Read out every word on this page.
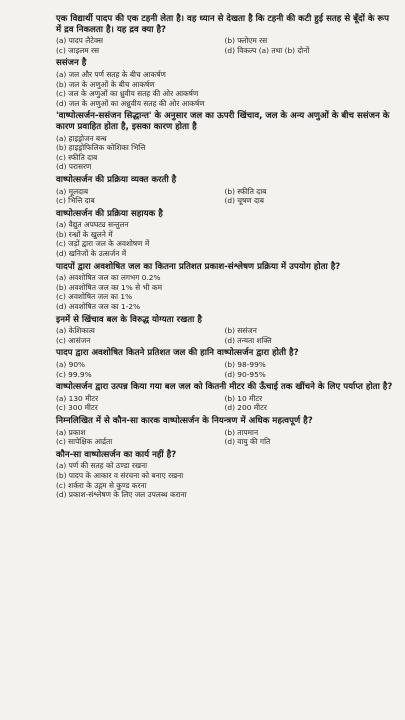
एक विद्यार्थी पादप की एक टहनी लेता है। वह ध्यान से देखता है कि टहनी की कटी हुई सतह से बूँदों के रूप में द्रव निकलता है। यह द्रव क्या है?
(a) पादप लैटेक्स	(b) फ्लोएम रस
(c) जाइलम रस	(d) विकल्प (a) तथा (b) दोनों
ससंजन है
(a) जल और पर्ण सतह के बीच आकर्षण
(b) जल के अणुओं के बीच आकर्षण
(c) जल के अणुओं का ध्रुवीय सतह की ओर आकर्षण
(d) जल के अणुओं का अध्रुवीय सतह की ओर आकर्षण
'वाष्पोत्सर्जन-ससंजन सिद्धान्त' के अनुसार जल का ऊपरी खिंचाव, जल के अन्य अणुओं के बीच ससंजन के कारण प्रवाहित होता है, इसका कारण होता है
(a) हाइड्रोजन बन्ध
(b) हाइड्रोफिलिक कोशिका भित्ति
(c) स्फीति दाब
(d) परासरण
वाष्पोत्सर्जन की प्रक्रिया व्यक्त करती है
(a) मूलदाब	(b) स्फीति दाब
(c) भित्ति दाब	(d) चूषण दाब
वाष्पोत्सर्जन की प्रक्रिया सहायक है
(a) वैद्युत अपघट्य सन्तुलन
(b) रन्ध्रों के खुलने में
(c) जड़ों द्वारा जल के अवशोषण में
(d) खनिजों के उत्सर्जन में
पादपों द्वारा अवशोषित जल का कितना प्रतिशत प्रकाश-संश्लेषण प्रक्रिया में उपयोग होता है?
(a) अवशोषित जल का लगभग 0.2%
(b) अवशोषित जल का 1% से भी कम
(c) अवशोषित जल का 1%
(d) अवशोषित जल का 1-2%
इनमें से खिंचाव बल के विरुद्ध योग्यता रखता है
(a) केशिकात्व	(b) ससंजन
(c) आसंजन	(d) तन्यता शक्ति
पादप द्वारा अवशोषित कितने प्रतिशत जल की हानि वाष्पोत्सर्जन द्वारा होती है?
(a) 90%	(b) 98-99%
(c) 99.9%	(d) 90-95%
वाष्पोत्सर्जन द्वारा उत्पन्न किया गया बल जल को कितनी मीटर की ऊँचाई तक खींचने के लिए पर्याप्त होता है?
(a) 130 मीटर	(b) 10 मीटर
(c) 300 मीटर	(d) 200 मीटर
निम्नलिखित में से कौन-सा कारक वाष्पोत्सर्जन के नियन्त्रण में अधिक महत्वपूर्ण है?
(a) प्रकाश	(b) तापमान
(c) सापेक्षिक आर्द्रता	(d) वायु की गति
कौन-सा वाष्पोत्सर्जन का कार्य नहीं है?
(a) पर्ण की सतह को ठण्डा रखना
(b) पादप के आकार व संरचना को बनाए रखना
(c) शर्करा के उद्गम से कुण्ड करना
(d) प्रकाश-संश्लेषण के लिए जल उपलब्ध कराना
